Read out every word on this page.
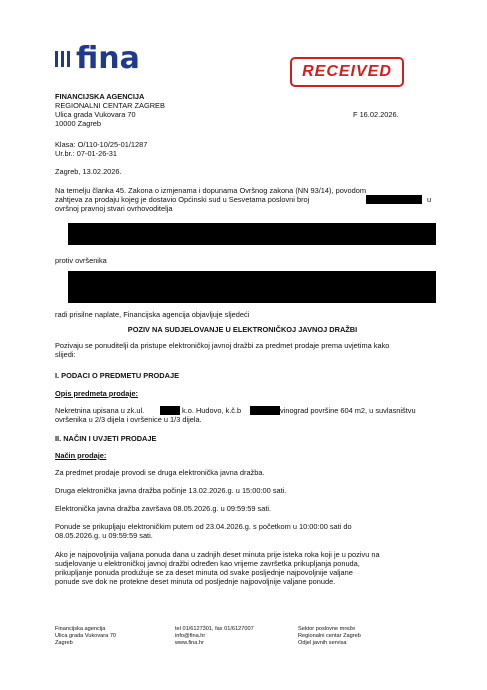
fina	RECEIVED
FINANCIJSKA AGENCIJA
REGIONALNI CENTAR ZAGREB
Ulica grada Vukovara 70
10000 Zagreb
F 16.02.2026.
Klasa: O/110-10/25-01/1287
Ur.br.: 07-01-26-31
Zagreb, 13.02.2026.
Na temelju članka 45. Zakona o izmjenama i dopunama Ovršnog zakona (NN 93/14), povodom
zahtjeva za prodaju kojeg je dostavio Općinski sud u Sesvetama poslovni broj	u
ovršnoj pravnoj stvari ovrhovoditelja
protiv ovršenika
radi prisilne naplate, Financijska agencija objavljuje sljedeći
POZIV NA SUDJELOVANJE U ELEKTRONIČKOJ JAVNOJ DRAŽBI
Pozivaju se ponuditelji da pristupe elektroničkoj javnoj dražbi za predmet prodaje prema uvjetima kako
slijedi:
I. PODACI O PREDMETU PRODAJE
Opis predmeta prodaje:
Nekretnina upisana u zk.ul.	k.o. Hudovo, k.č.b	vinograd površine 604 m2, u suvlasništvu
ovršenika u 2/3 dijela i ovršenice u 1/3 dijela.
II. NAČIN I UVJETI PRODAJE
Način prodaje:
Za predmet prodaje provodi se druga elektronička javna dražba.
Druga elektronička javna dražba počinje 13.02.2026.g. u 15:00:00 sati.
Elektronička javna dražba završava 08.05.2026.g. u 09:59:59 sati.
Ponude se prikupljaju elektroničkim putem od 23.04.2026.g. s početkom u 10:00:00 sati do
08.05.2026.g. u 09:59:59 sati.
Ako je najpovoljnija valjana ponuda dana u zadnjih deset minuta prije isteka roka koji je u pozivu na
sudjelovanje u elektroničkoj javnoj dražbi određen kao vrijeme završetka prikupljanja ponuda,
prikupljanje ponuda produžuje se za deset minuta od svake posljednje najpovoljnije valjane
ponude sve dok ne protekne deset minuta od posljednje najpovoljnije valjane ponude.
Financijska agencija
Ulica grada Vukovara 70
Zagreb
tel 01/6127301, fax 01/6127007
info@fina.hr
www.fina.hr
Sektor poslovne mreže
Regionalni centar Zagreb
Odjel javnih servisa
